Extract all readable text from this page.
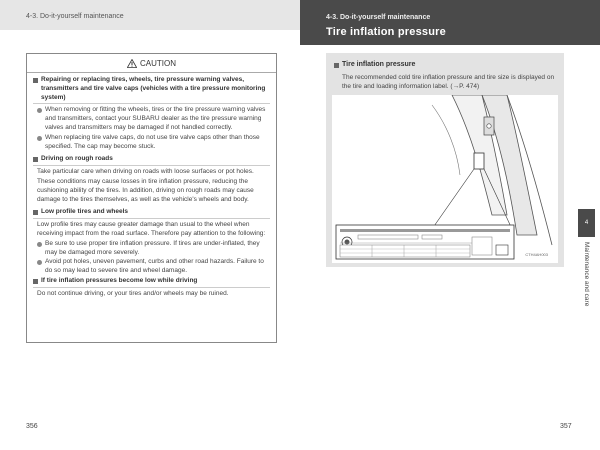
4-3. Do-it-yourself maintenance	4-3. Do-it-yourself maintenance
Tire inflation pressure
CAUTION
Repairing or replacing tires, wheels, tire pressure warning valves, transmitters and tire valve caps (vehicles with a tire pressure monitoring system)
When removing or fitting the wheels, tires or the tire pressure warning valves and transmitters, contact your SUBARU dealer as the tire pressure warning valves and transmitters may be damaged if not handled correctly.
When replacing tire valve caps, do not use tire valve caps other than those specified. The cap may become stuck.
Driving on rough roads
Take particular care when driving on roads with loose surfaces or pot holes.
These conditions may cause losses in tire inflation pressure, reducing the cushioning ability of the tires. In addition, driving on rough roads may cause damage to the tires themselves, as well as the vehicle's wheels and body.
Low profile tires and wheels
Low profile tires may cause greater damage than usual to the wheel when receiving impact from the road surface. Therefore pay attention to the following:
Be sure to use proper tire inflation pressure. If tires are under-inflated, they may be damaged more severely.
Avoid pot holes, uneven pavement, curbs and other road hazards. Failure to do so may lead to severe tire and wheel damage.
If tire inflation pressures become low while driving
Do not continue driving, or your tires and/or wheels may be ruined.
Tire inflation pressure
The recommended cold tire inflation pressure and tire size is displayed on the tire and loading information label. (→P. 474)
CTH4AH003
4
Maintenance and care
356	357
